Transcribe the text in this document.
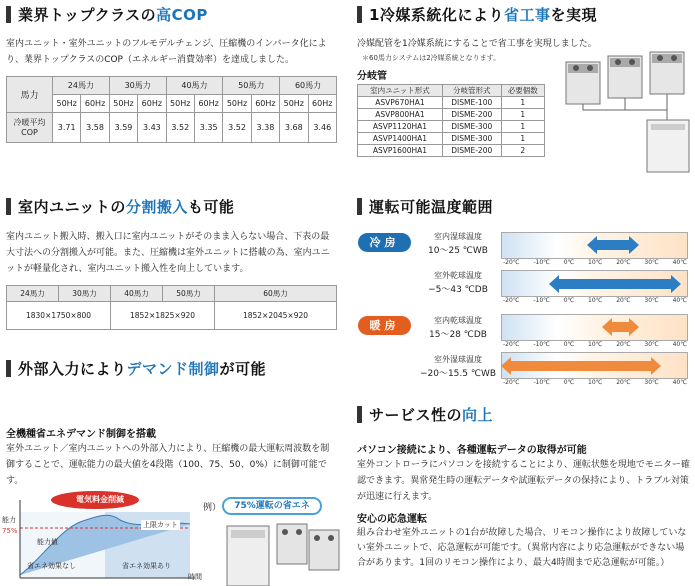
業界トップクラスの 高COP
室内ユニット・室外ユニットのフルモデルチェンジ、圧縮機のインバータ化により、業界トップクラスのCOP（エネルギー消費効率）を達成しました。
馬力	24馬力		30馬力		40馬力		50馬力		60馬力	
	50Hz	60Hz	50Hz	60Hz	50Hz	60Hz	50Hz	60Hz	50Hz	60Hz
冷暖平均
COP	3.71	3.58	3.59	3.43	3.52	3.35	3.52	3.38	3.68	3.46
1冷媒系統化により 省工事 を実現
冷媒配管を1冷媒系統にすることで省工事を実現しました。
＊60馬力システムは2冷媒系統となります。
分岐管
室内ユニット形式	分岐管形式	必要個数
ASVP670HA1	DISME-100	1
ASVP800HA1	DISME-200	1
ASVP1120HA1	DISME-300	1
ASVP1400HA1	DISME-300	1
ASVP1600HA1	DISME-200	2
室内ユニットの 分割搬入 も可能
室内ユニット搬入時、搬入口に室内ユニットがそのまま入らない場合、下表の最大寸法への分割搬入が可能。また、圧縮機は室外ユニットに搭載の為、室内ユニットが軽量化され、室内ユニット搬入性を向上しています。
24馬力	30馬力	40馬力	50馬力	60馬力
1830×1750×800		1852×1825×920		1852×2045×920
運転可能温度範囲
冷房
暖房
室内湿球温度
10～25 ℃WB
室外乾球温度
−5～43 ℃DB
室内乾球温度
15～28 ℃DB
室外湿球温度
−20～15.5 ℃WB
-20℃ -10℃ 0℃ 10℃ 20℃ 30℃ 40℃
-20℃ -10℃ 0℃ 10℃ 20℃ 30℃ 40℃
-20℃ -10℃ 0℃ 10℃ 20℃ 30℃ 40℃
-20℃ -10℃ 0℃ 10℃ 20℃ 30℃ 40℃
外部入力により デマンド制御 が可能
全機種省エネデマンド制御を搭載
室外ユニット／室内ユニットへの外部入力により、圧縮機の最大運転周波数を制御することで、運転能力の最大値を4段階（100、75、50、0%）に制御可能です。
電気料金削減
能力
75%
上限カット
能力値
省エネ効果なし	省エネ効果あり
時間
例）	75%運転の省エネ
サービス性の 向上
パソコン接続により、各種運転データの取得が可能
室外コントローラにパソコンを接続することにより、運転状態を現地でモニター確認できます。異常発生時の運転データや試運転データの保持により、トラブル対策が迅速に行えます。
安心の応急運転
組み合わせ室外ユニットの1台が故障した場合、リモコン操作により故障していない室外ユニットで、応急運転が可能です。（異常内容により応急運転ができない場合があります。1回のリモコン操作により、最大4時間まで応急運転が可能。）
